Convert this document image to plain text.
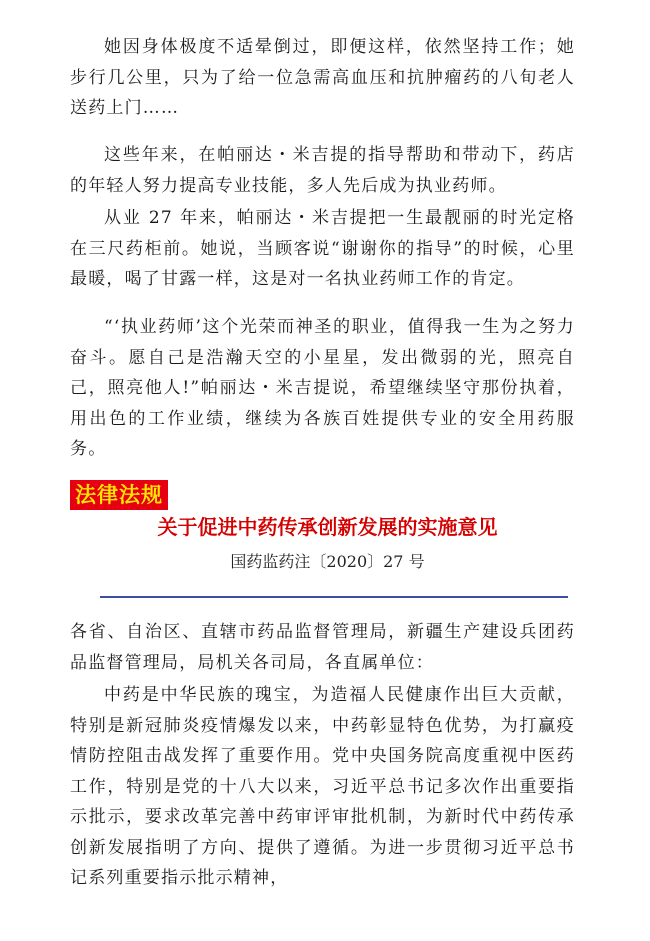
她因身体极度不适晕倒过，即便这样，依然坚持工作；她步行几公里，只为了给一位急需高血压和抗肿瘤药的八旬老人送药上门……

这些年来，在帕丽达・米吉提的指导帮助和带动下，药店的年轻人努力提高专业技能，多人先后成为执业药师。

从业 27 年来，帕丽达・米吉提把一生最靓丽的时光定格在三尺药柜前。她说，当顾客说“谢谢你的指导”的时候，心里最暖，喝了甘露一样，这是对一名执业药师工作的肯定。

“‘执业药师’这个光荣而神圣的职业，值得我一生为之努力奋斗。愿自己是浩瀚天空的小星星，发出微弱的光，照亮自己，照亮他人!”帕丽达・米吉提说，希望继续坚守那份执着，用出色的工作业绩，继续为各族百姓提供专业的安全用药服务。

法律法规
关于促进中药传承创新发展的实施意见
国药监药注〔2020〕27 号

各省、自治区、直辖市药品监督管理局，新疆生产建设兵团药品监督管理局，局机关各司局，各直属单位：

中药是中华民族的瑰宝，为造福人民健康作出巨大贡献，特别是新冠肺炎疫情爆发以来，中药彰显特色优势，为打赢疫情防控阻击战发挥了重要作用。党中央国务院高度重视中医药工作，特别是党的十八大以来，习近平总书记多次作出重要指示批示，要求改革完善中药审评审批机制，为新时代中药传承创新发展指明了方向、提供了遵循。为进一步贯彻习近平总书记系列重要指示批示精神，
